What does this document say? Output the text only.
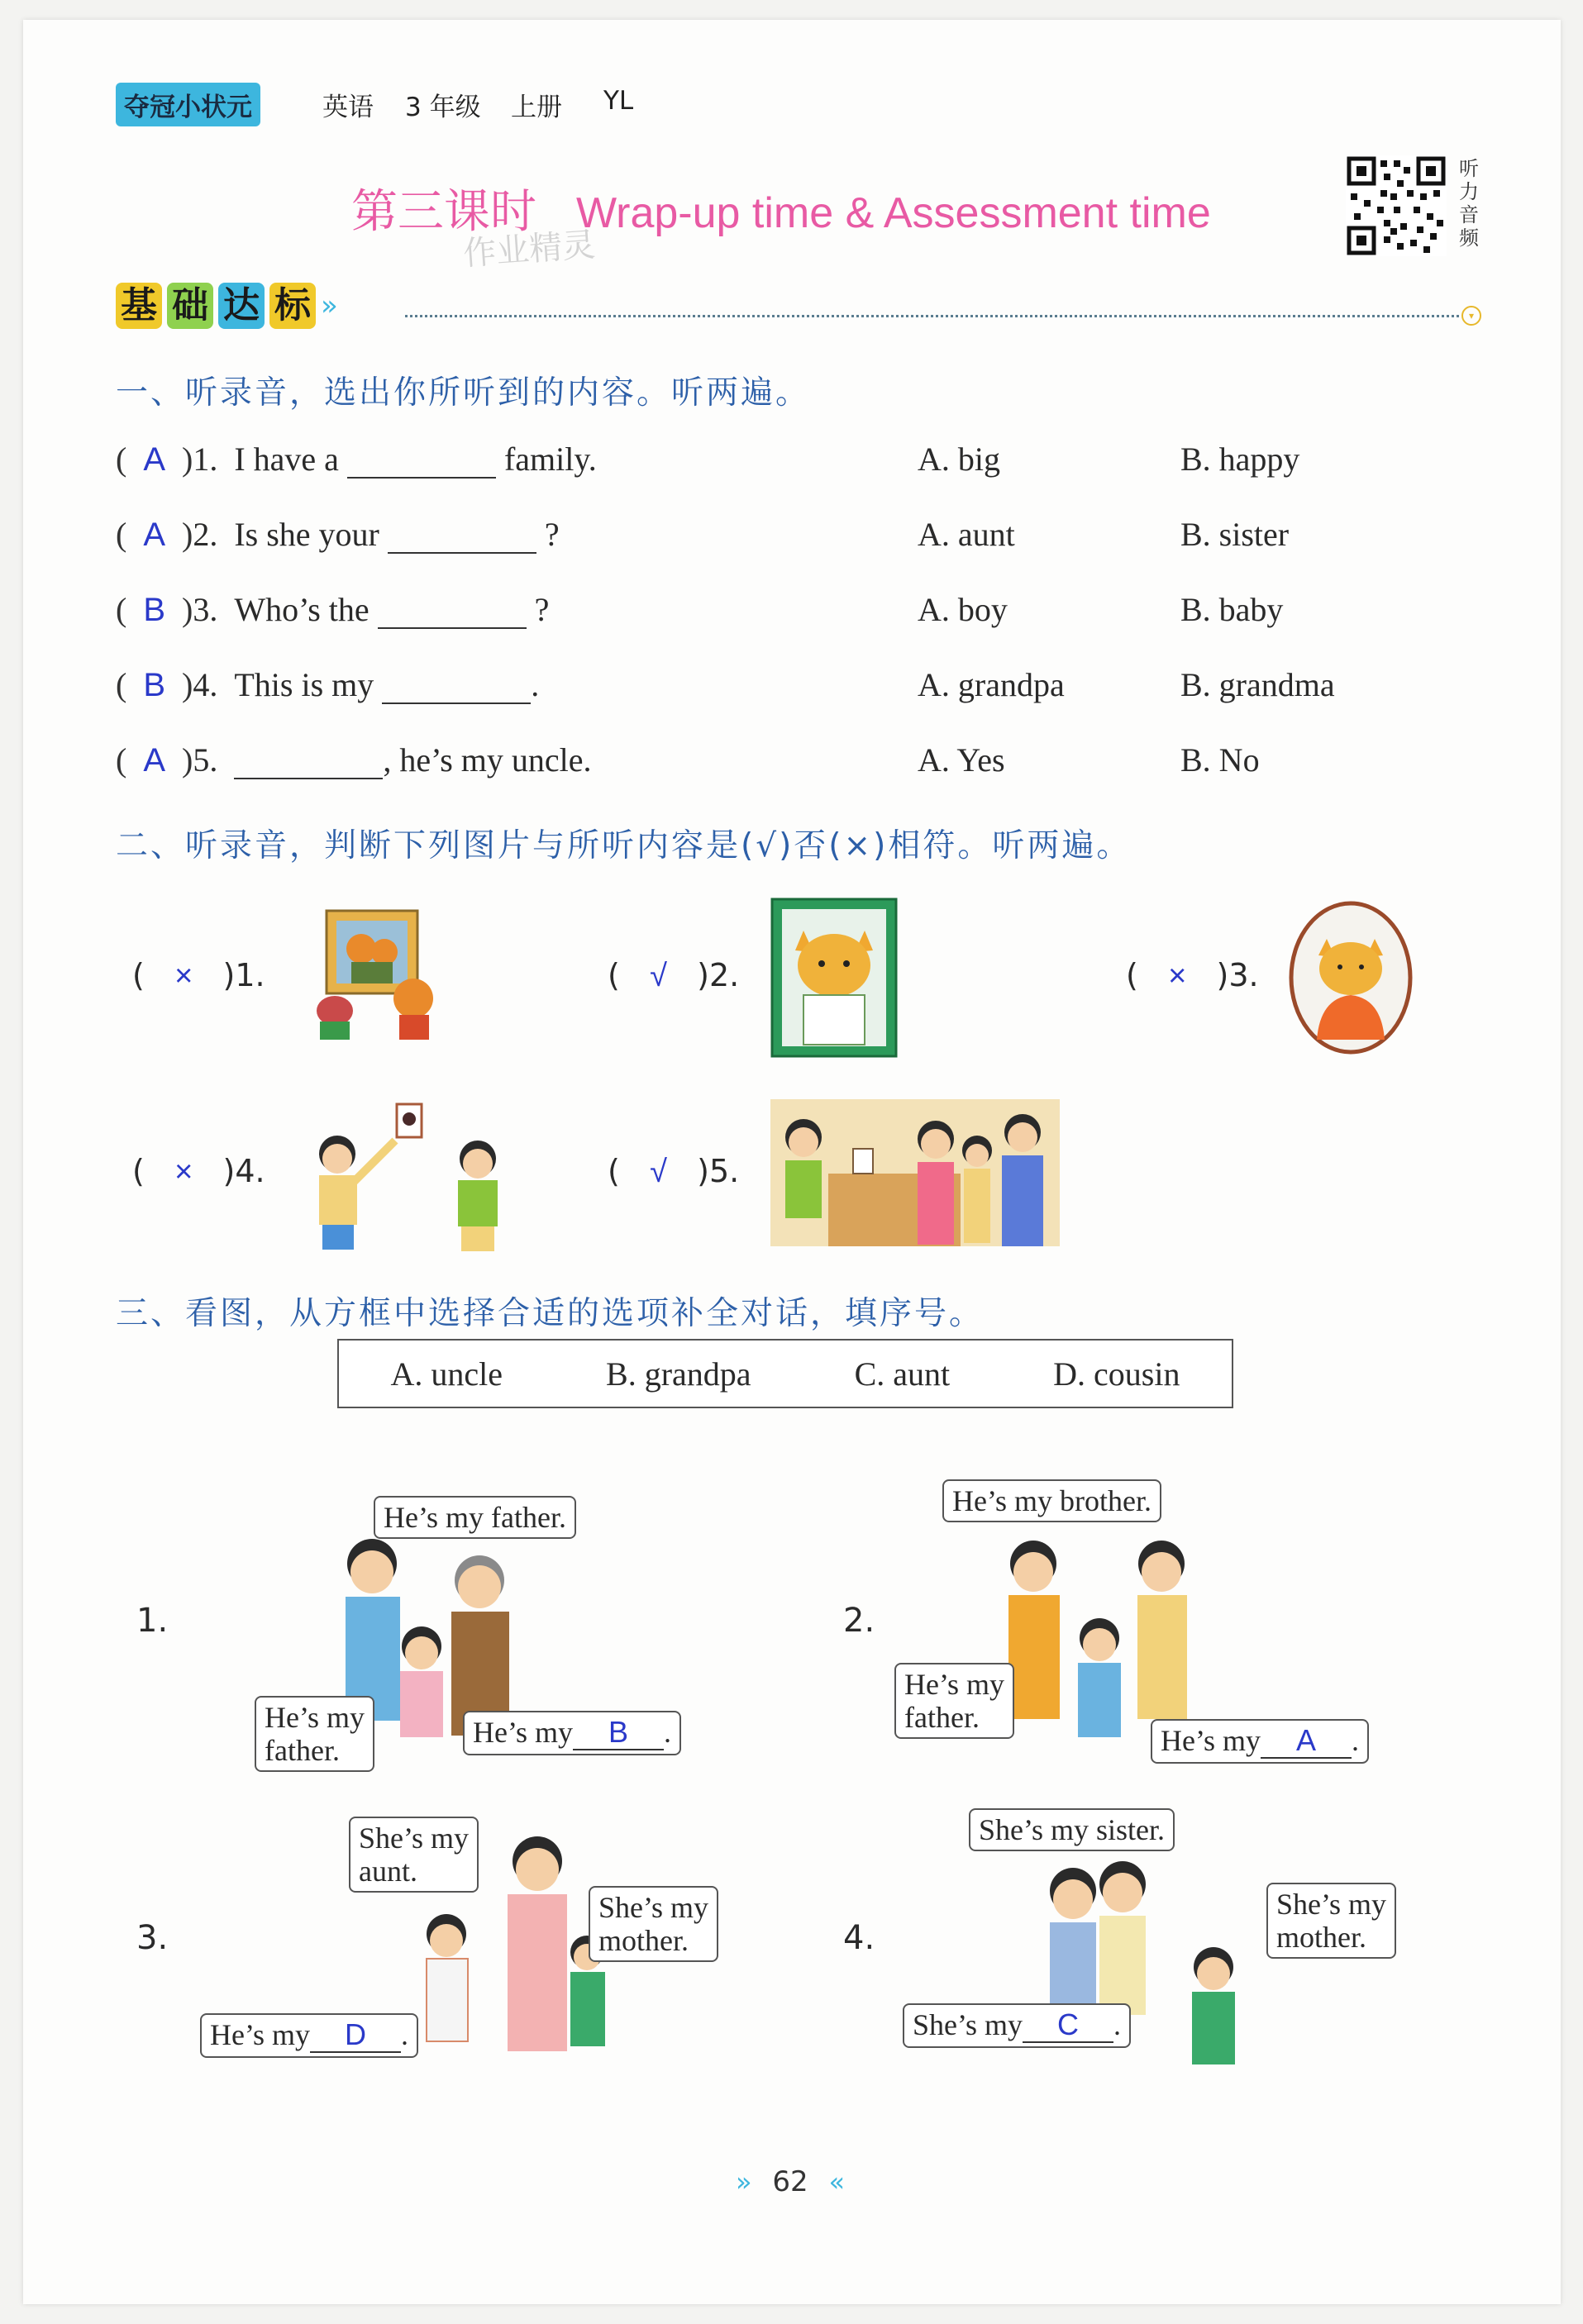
夺冠小状元	英语 3 年级 上册 YL
第三课时 Wrap-up time & Assessment time
作业精灵
听
力
音
频
基 础 达 标 »	▾
一、听录音，选出你所听到的内容。听两遍。
( A )1. I have a	family.	A. big	B. happy
( A )2. Is she your	?	A. aunt	B. sister
( B )3. Who’s the	?	A. boy	B. baby
( B )4. This is my	.	A. grandpa	B. grandma
( A )5.	, he’s my uncle.	A. Yes	B. No
二、听录音，判断下列图片与所听内容是(√)否(×)相符。听两遍。
(   ×   )1.	(   √   )2.	(   ×   )3.
(   ×   )4.	(   √   )5.
三、看图，从方框中选择合适的选项补全对话，填序号。
A. uncle	B. grandpa	C. aunt	D. cousin
1.
He’s my father.
He’s my
father.
He’s my B .
2.
He’s my brother.
He’s my
father.
He’s my A .
3.
She’s my
aunt.
She’s my
mother.
He’s my D .
4.
She’s my sister.
She’s my
mother.
She’s my C .
» 62 «
